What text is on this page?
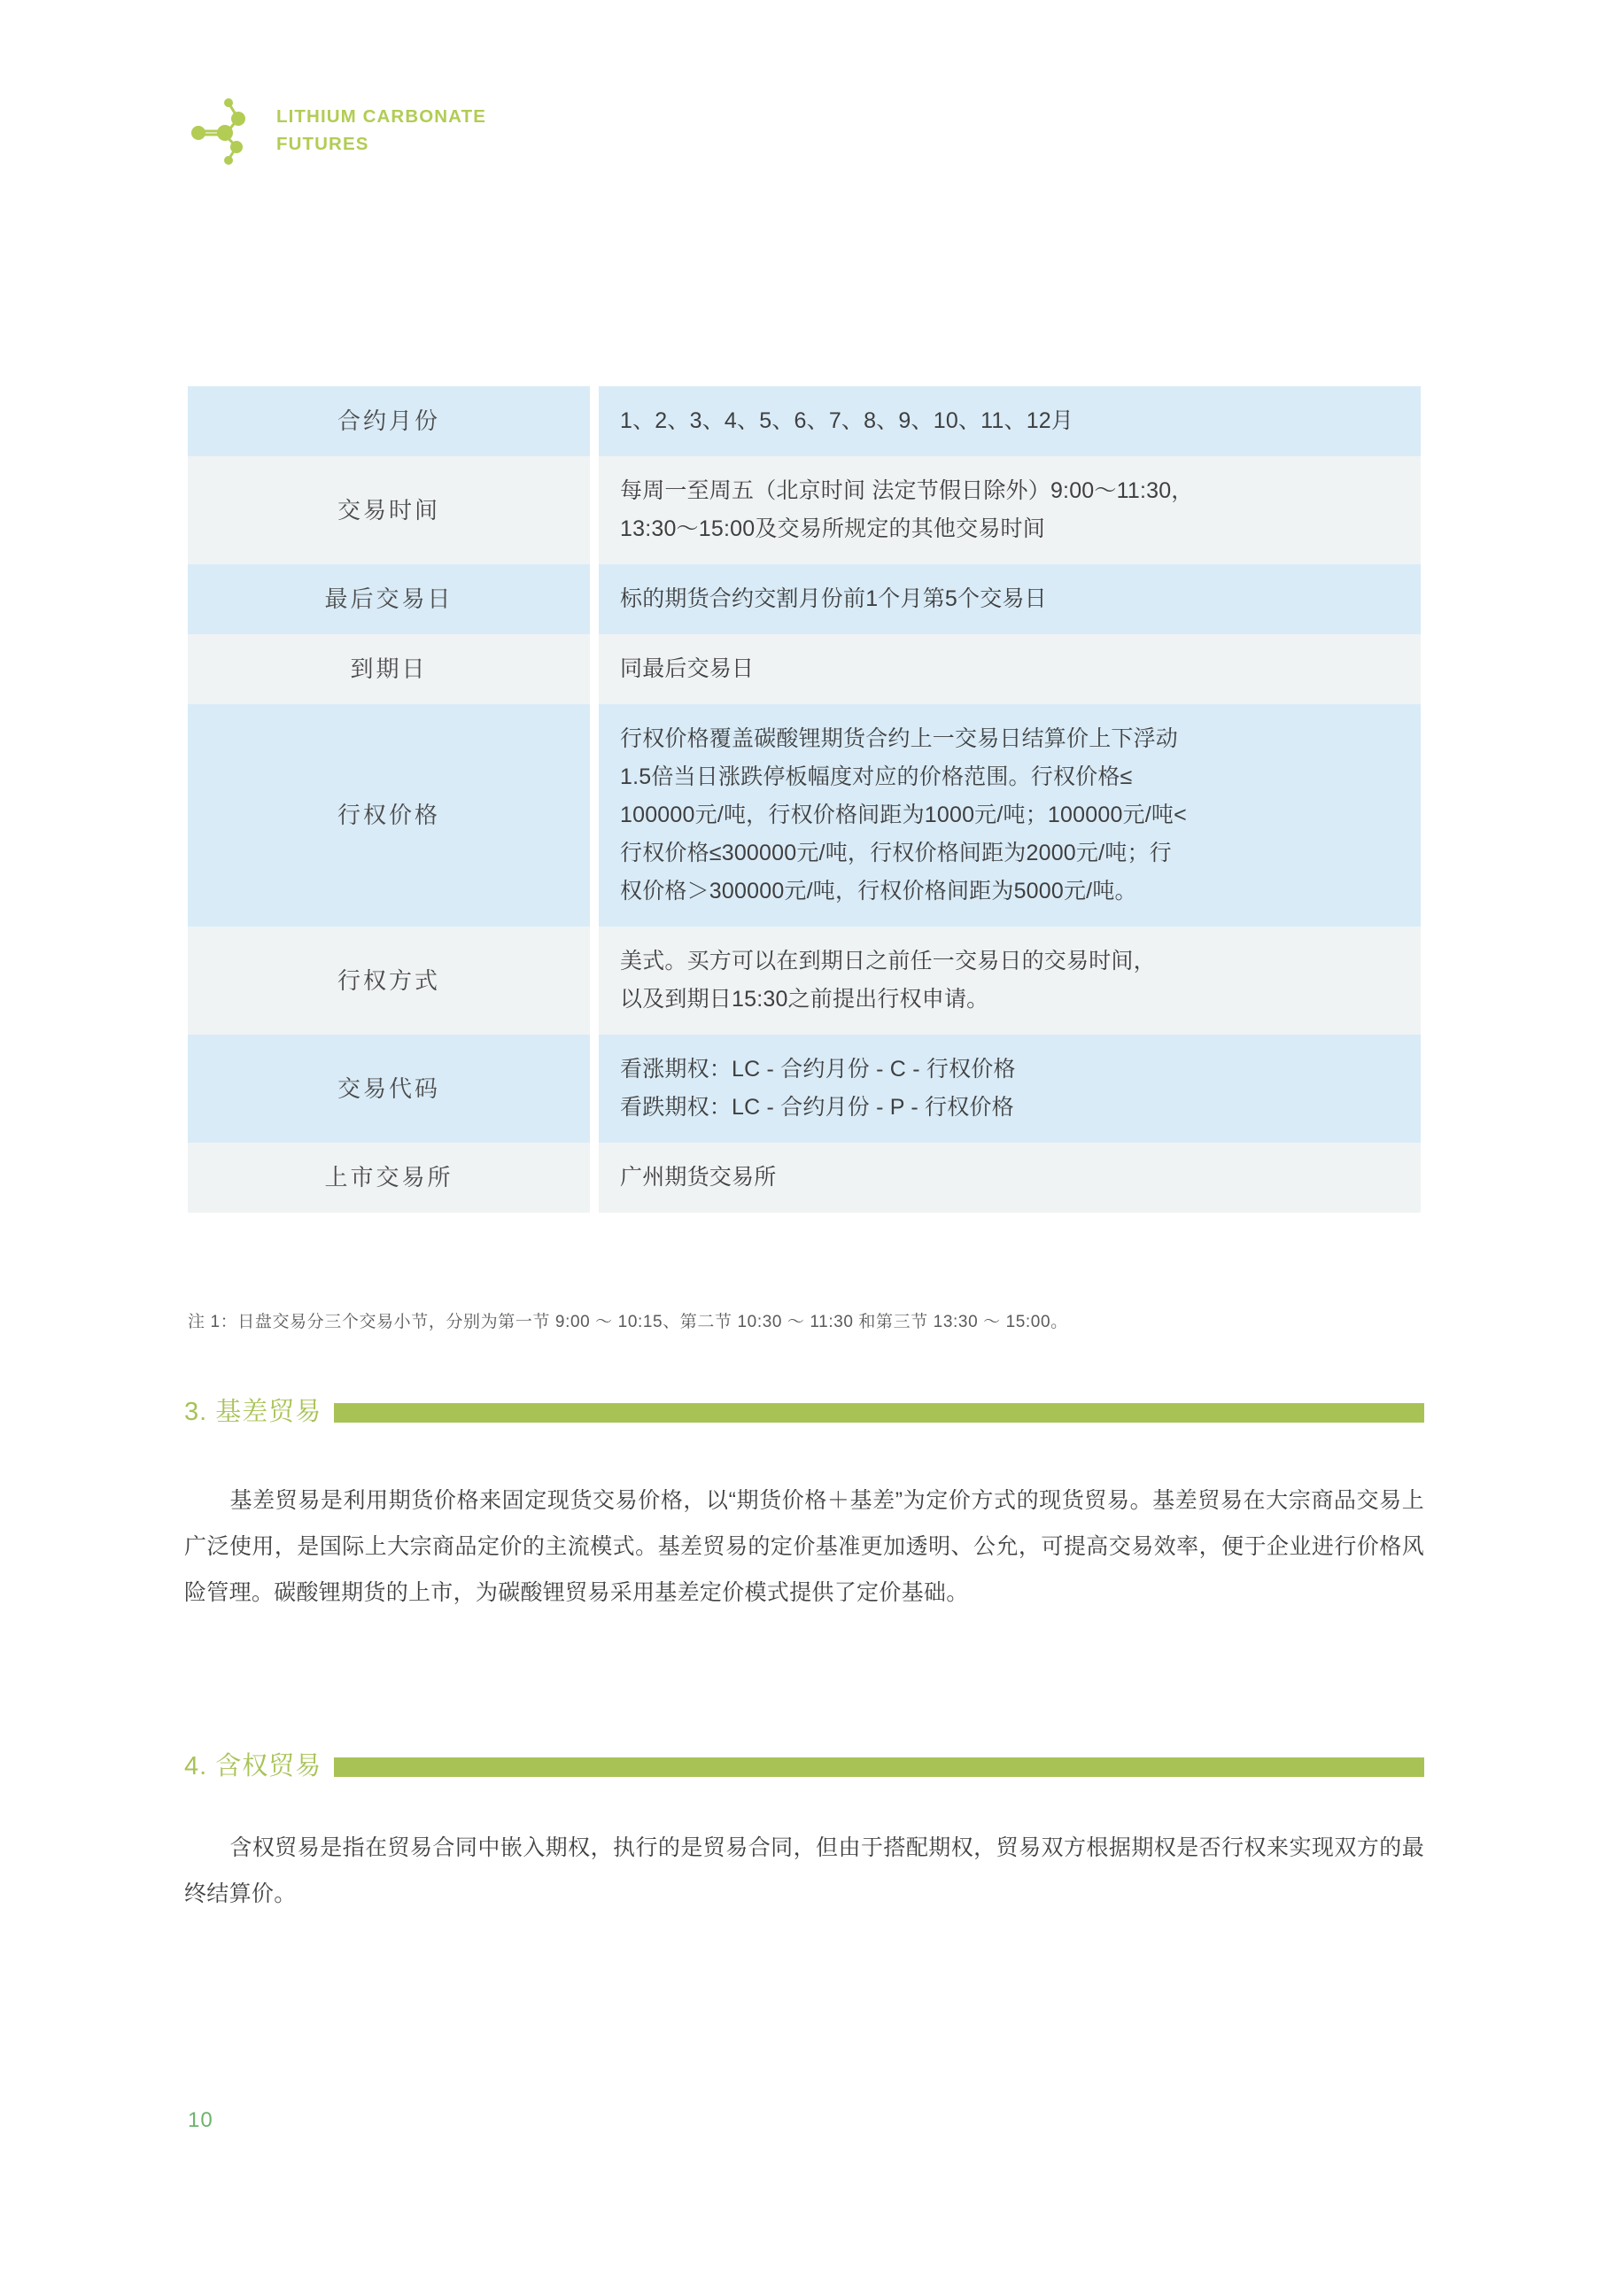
LITHIUM CARBONATE
FUTURES
合约月份		1、2、3、4、5、6、7、8、9、10、11、12月

交易时间		每周一至周五（北京时间 法定节假日除外）9:00～11:30，
13:30～15:00及交易所规定的其他交易时间

最后交易日		标的期货合约交割月份前1个月第5个交易日

到期日		同最后交易日

行权价格		行权价格覆盖碳酸锂期货合约上一交易日结算价上下浮动
1.5倍当日涨跌停板幅度对应的价格范围。行权价格≤
100000元/吨，行权价格间距为1000元/吨；100000元/吨<
行权价格≤300000元/吨，行权价格间距为2000元/吨；行
权价格＞300000元/吨，行权价格间距为5000元/吨。

行权方式		美式。买方可以在到期日之前任一交易日的交易时间，
以及到期日15:30之前提出行权申请。

交易代码		看涨期权：LC - 合约月份 - C - 行权价格
看跌期权：LC - 合约月份 - P - 行权价格

上市交易所		广州期货交易所
注 1：日盘交易分三个交易小节，分别为第一节 9:00 ～ 10:15、第二节 10:30 ～ 11:30 和第三节 13:30 ～ 15:00。
3. 基差贸易
基差贸易是利用期货价格来固定现货交易价格，以“期货价格＋基差”为定价方式的现货贸易。基差贸易在大宗商品交易上广泛使用，是国际上大宗商品定价的主流模式。基差贸易的定价基准更加透明、公允，可提高交易效率，便于企业进行价格风险管理。碳酸锂期货的上市，为碳酸锂贸易采用基差定价模式提供了定价基础。
4. 含权贸易
含权贸易是指在贸易合同中嵌入期权，执行的是贸易合同，但由于搭配期权，贸易双方根据期权是否行权来实现双方的最终结算价。
10
